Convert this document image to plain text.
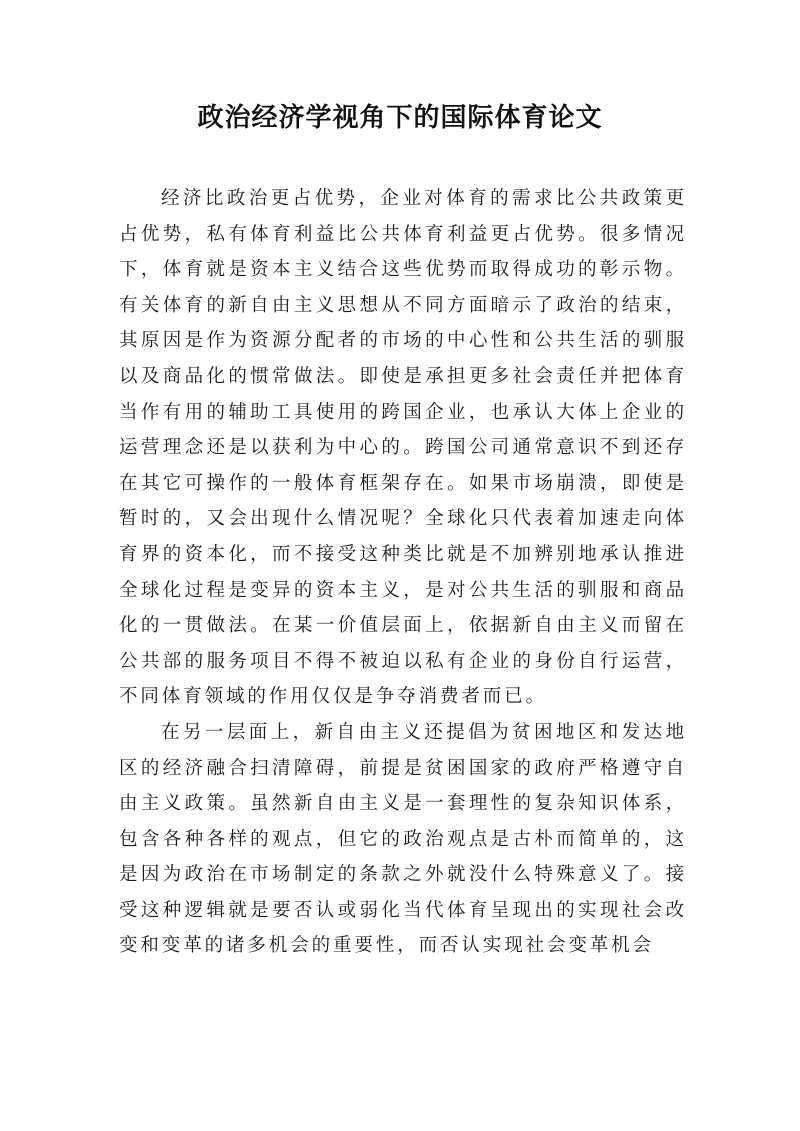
政治经济学视角下的国际体育论文

经济比政治更占优势，企业对体育的需求比公共政策更占优势，私有体育利益比公共体育利益更占优势。很多情况下，体育就是资本主义结合这些优势而取得成功的彰示物。有关体育的新自由主义思想从不同方面暗示了政治的结束，其原因是作为资源分配者的市场的中心性和公共生活的驯服以及商品化的惯常做法。即使是承担更多社会责任并把体育当作有用的辅助工具使用的跨国企业，也承认大体上企业的运营理念还是以获利为中心的。跨国公司通常意识不到还存在其它可操作的一般体育框架存在。如果市场崩溃，即使是暂时的，又会出现什么情况呢？全球化只代表着加速走向体育界的资本化，而不接受这种类比就是不加辨别地承认推进全球化过程是变异的资本主义，是对公共生活的驯服和商品化的一贯做法。在某一价值层面上，依据新自由主义而留在公共部的服务项目不得不被迫以私有企业的身份自行运营，不同体育领域的作用仅仅是争夺消费者而已。

在另一层面上，新自由主义还提倡为贫困地区和发达地区的经济融合扫清障碍，前提是贫困国家的政府严格遵守自由主义政策。虽然新自由主义是一套理性的复杂知识体系，包含各种各样的观点，但它的政治观点是古朴而简单的，这是因为政治在市场制定的条款之外就没什么特殊意义了。接受这种逻辑就是要否认或弱化当代体育呈现出的实现社会改变和变革的诸多机会的重要性，而否认实现社会变革机会
